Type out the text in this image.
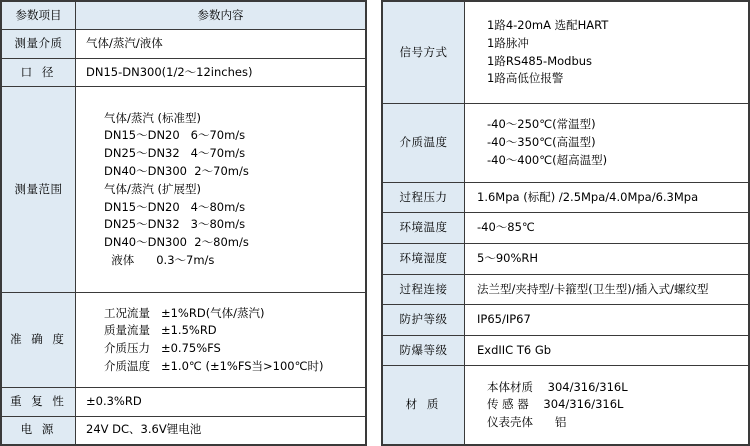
参数项目	参数内容
测量介质	气体/蒸汽/液体
口 径	DN15-DN300(1/2～12inches)
测量范围	
气体/蒸汽 (标准型)
DN15～DN20   6～70m/s
DN25～DN32   4～70m/s
DN40～DN300  2～70m/s
气体/蒸汽 (扩展型)
DN15～DN20   4～80m/s
DN25～DN32   3～80m/s
DN40～DN300  2～80m/s
液体      0.3～7m/s

准 确 度	工况流量   ±1%RD(气体/蒸汽)
质量流量   ±1.5%RD
介质压力   ±0.75%FS
介质温度   ±1.0℃ (±1%FS当>100℃时)

重 复 性	±0.3%RD
电 源	24V DC、3.6V锂电池
信号方式	1路4-20mA 选配HART
1路脉冲
1路RS485-Modbus
1路高低位报警

介质温度	-40～250℃(常温型)
-40～350℃(高温型)
-40～400℃(超高温型)

过程压力	1.6Mpa (标配) /2.5Mpa/4.0Mpa/6.3Mpa
环境温度	-40～85℃
环境湿度	5～90%RH
过程连接	法兰型/夹持型/卡箍型(卫生型)/插入式/螺纹型
防护等级	IP65/IP67
防爆等级	ExdIIC T6 Gb
材 质	本体材质    304/316/316L
传 感 器    304/316/316L
仪表壳体      铝
